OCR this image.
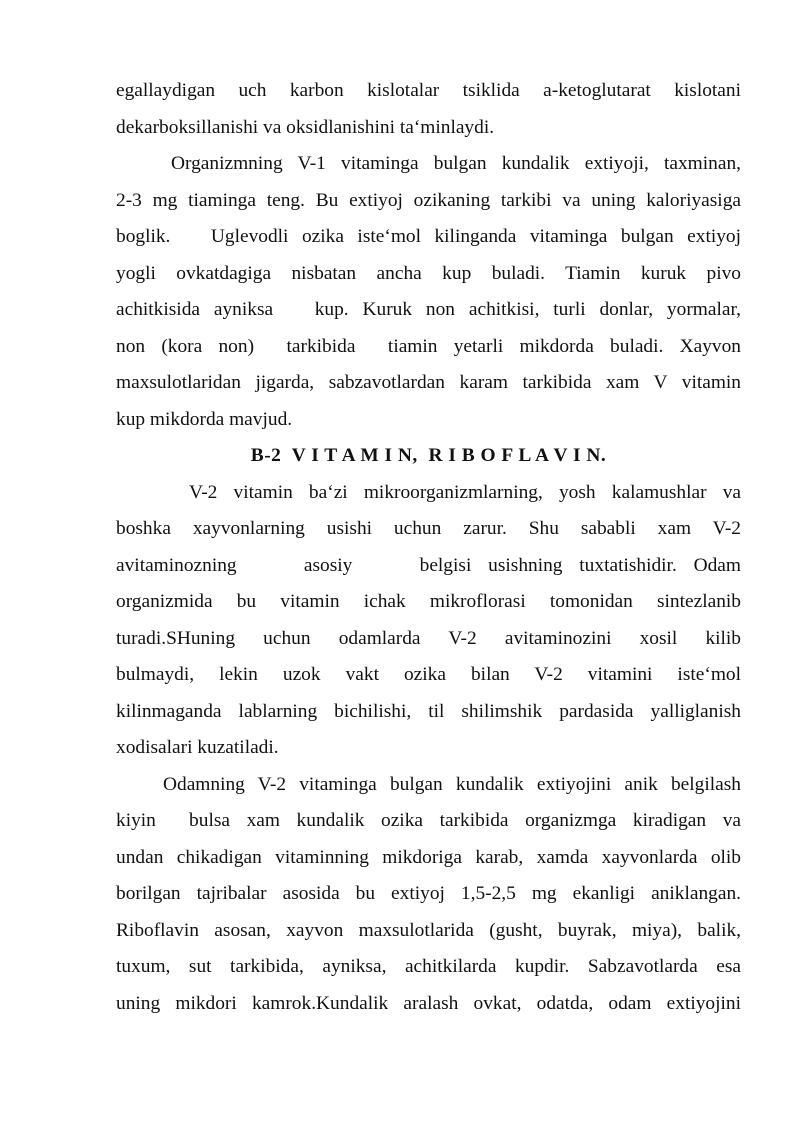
egallaydigan uch karbon kislotalar tsiklida a-ketoglutarat kislotani
dekarboksillanishi va oksidlanishini ta‘minlaydi.
Organizmning V-1 vitaminga bulgan kundalik extiyoji, taxminan,
2-3 mg tiaminga teng. Bu extiyoj ozikaning tarkibi va uning kaloriyasiga
boglik.   Uglevodli ozika iste‘mol kilinganda vitaminga bulgan extiyoj
yogli ovkatdagiga nisbatan ancha kup buladi. Tiamin kuruk pivo
achitkisida ayniksa   kup. Kuruk non achitkisi, turli donlar, yormalar,
non (kora non)  tarkibida  tiamin yetarli mikdorda buladi. Xayvon
maxsulotlaridan jigarda, sabzavotlardan karam tarkibida xam V vitamin
kup mikdorda mavjud.
B-2  V I T A M I N,  R I B O F L A V I N.
V-2 vitamin ba‘zi mikroorganizmlarning, yosh kalamushlar va
boshka xayvonlarning usishi uchun zarur. Shu sababli xam V-2
avitaminozning    asosiy    belgisi usishning tuxtatishidir. Odam
organizmida bu vitamin ichak mikroflorasi tomonidan sintezlanib
turadi.SHuning uchun odamlarda V-2 avitaminozini xosil kilib
bulmaydi, lekin uzok vakt ozika bilan V-2 vitamini iste‘mol
kilinmaganda lablarning bichilishi, til shilimshik pardasida yalliglanish
xodisalari kuzatiladi.
Odamning V-2 vitaminga bulgan kundalik extiyojini anik belgilash
kiyin  bulsa xam kundalik ozika tarkibida organizmga kiradigan va
undan chikadigan vitaminning mikdoriga karab, xamda xayvonlarda olib
borilgan tajribalar asosida bu extiyoj 1,5-2,5 mg ekanligi aniklangan.
Riboflavin asosan, xayvon maxsulotlarida (gusht, buyrak, miya), balik,
tuxum, sut tarkibida, ayniksa, achitkilarda kupdir. Sabzavotlarda esa
uning mikdori kamrok.Kundalik aralash ovkat, odatda, odam extiyojini
